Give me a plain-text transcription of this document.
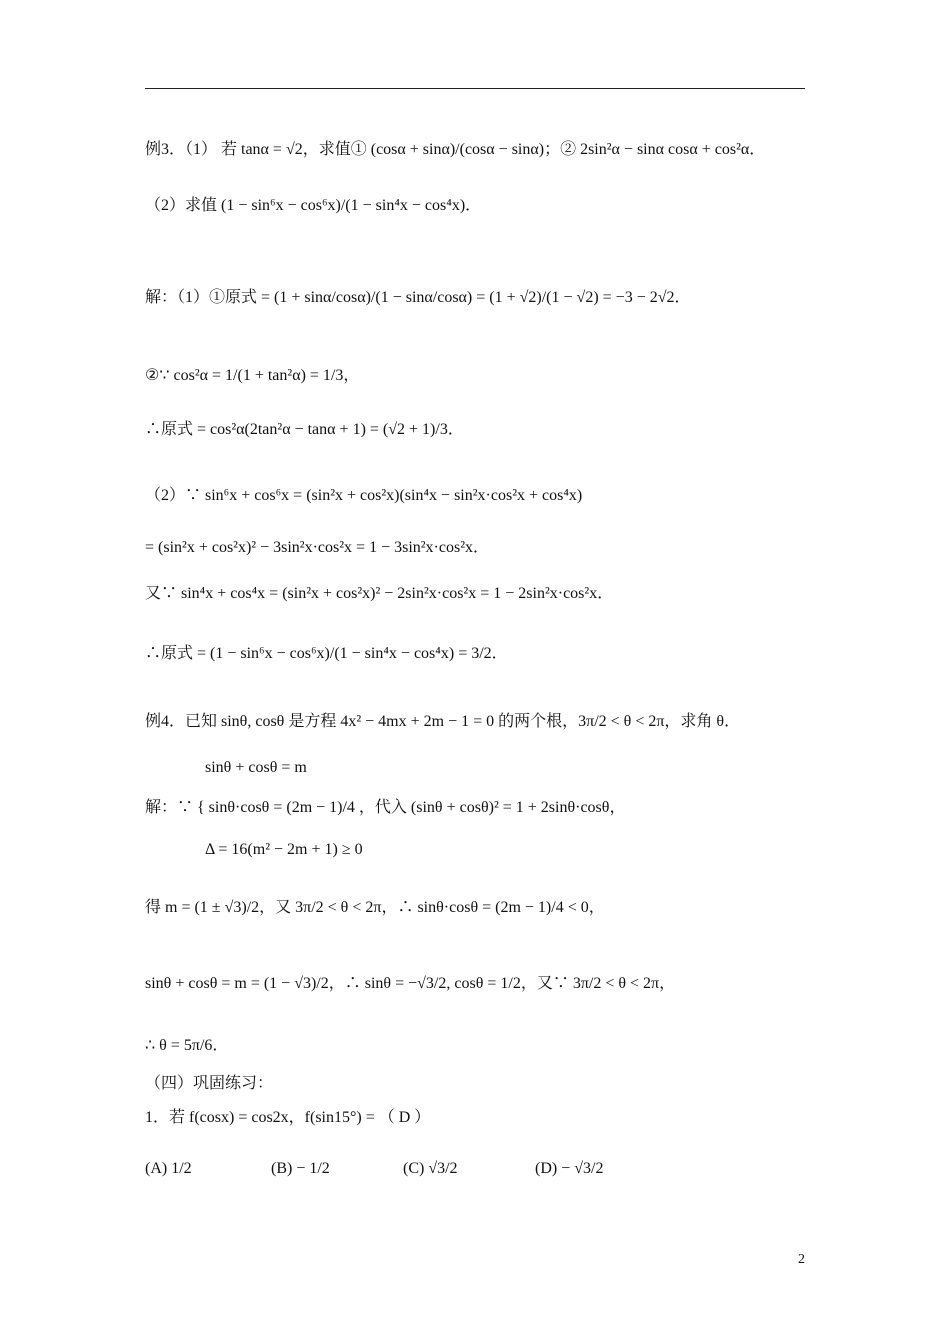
例3．（1） 若 tanα = √2，求值① (cosα + sinα)/(cosα − sinα)；② 2sin²α − sinα cosα + cos²α．
（2）求值 (1 − sin⁶x − cos⁶x)/(1 − sin⁴x − cos⁴x)．
解：（1）①原式 = (1 + sinα/cosα)/(1 − sinα/cosα) = (1 + √2)/(1 − √2) = −3 − 2√2．
②∵ cos²α = 1/(1 + tan²α) = 1/3，
∴原式 = cos²α(2tan²α − tanα + 1) = (√2 + 1)/3．
（2）∵ sin⁶x + cos⁶x = (sin²x + cos²x)(sin⁴x − sin²x·cos²x + cos⁴x)
= (sin²x + cos²x)² − 3sin²x·cos²x = 1 − 3sin²x·cos²x．
又∵ sin⁴x + cos⁴x = (sin²x + cos²x)² − 2sin²x·cos²x = 1 − 2sin²x·cos²x．
∴原式 = (1 − sin⁶x − cos⁶x)/(1 − sin⁴x − cos⁴x) = 3/2．
例4．已知 sinθ, cosθ 是方程 4x² − 4mx + 2m − 1 = 0 的两个根，3π/2 < θ < 2π，求角 θ．
sinθ + cosθ = m
解：∵ { sinθ·cosθ = (2m − 1)/4 ，代入 (sinθ + cosθ)² = 1 + 2sinθ·cosθ，
Δ = 16(m² − 2m + 1) ≥ 0
得 m = (1 ± √3)/2，又 3π/2 < θ < 2π，∴ sinθ·cosθ = (2m − 1)/4 < 0，
sinθ + cosθ = m = (1 − √3)/2，∴ sinθ = −√3/2, cosθ = 1/2，又∵ 3π/2 < θ < 2π，
∴ θ = 5π/6．
（四）巩固练习：
1．若 f(cosx) = cos2x，f(sin15°) = （ D ）
(A) 1/2	(B) − 1/2	(C) √3/2	(D) − √3/2
2
